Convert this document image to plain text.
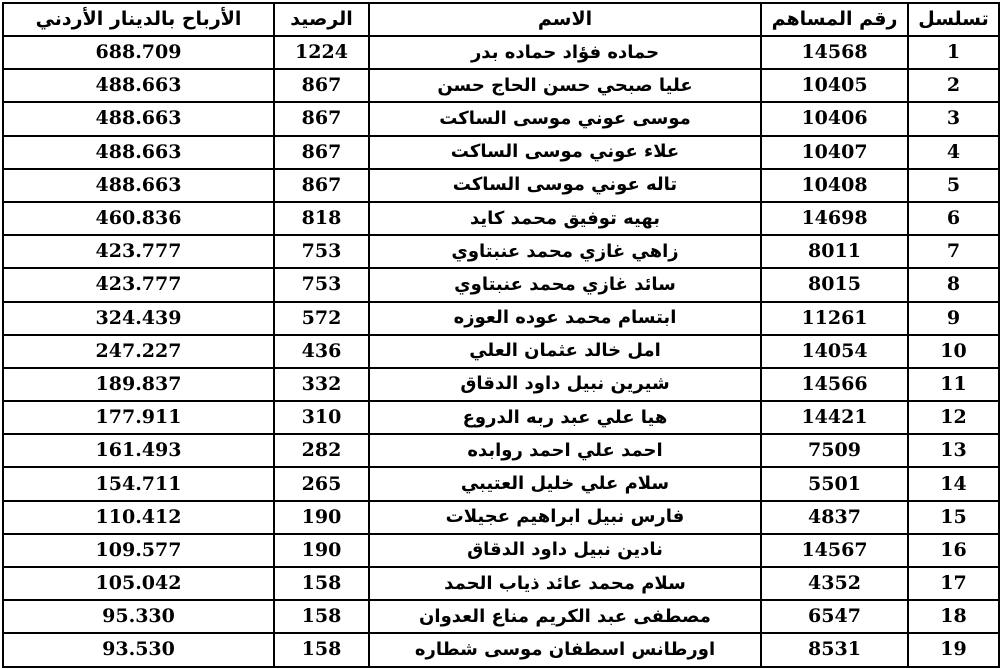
تسلسل	رقم المساهم	الاسم	الرصيد	الأرباح بالدينار الأردني
1	14568	حماده فؤاد حماده بدر	1224	688.709
2	10405	عليا صبحي حسن الحاج حسن	867	488.663
3	10406	موسى عوني موسى الساكت	867	488.663
4	10407	علاء عوني موسى الساكت	867	488.663
5	10408	تاله عوني موسى الساكت	867	488.663
6	14698	بهيه توفيق محمد كايد	818	460.836
7	8011	زاهي غازي محمد عنبتاوي	753	423.777
8	8015	سائد غازي محمد عنبتاوي	753	423.777
9	11261	ابتسام محمد عوده العوزه	572	324.439
10	14054	امل خالد عثمان العلي	436	247.227
11	14566	شيرين نبيل داود الدقاق	332	189.837
12	14421	هيا علي عبد ربه الدروع	310	177.911
13	7509	احمد علي احمد روابده	282	161.493
14	5501	سلام علي خليل العتيبي	265	154.711
15	4837	فارس نبيل ابراهيم عجيلات	190	110.412
16	14567	نادين نبيل داود الدقاق	190	109.577
17	4352	سلام محمد عائد ذياب الحمد	158	105.042
18	6547	مصطفى عبد الكريم مناع العدوان	158	95.330
19	8531	اورطانس اسطفان موسى شطاره	158	93.530
